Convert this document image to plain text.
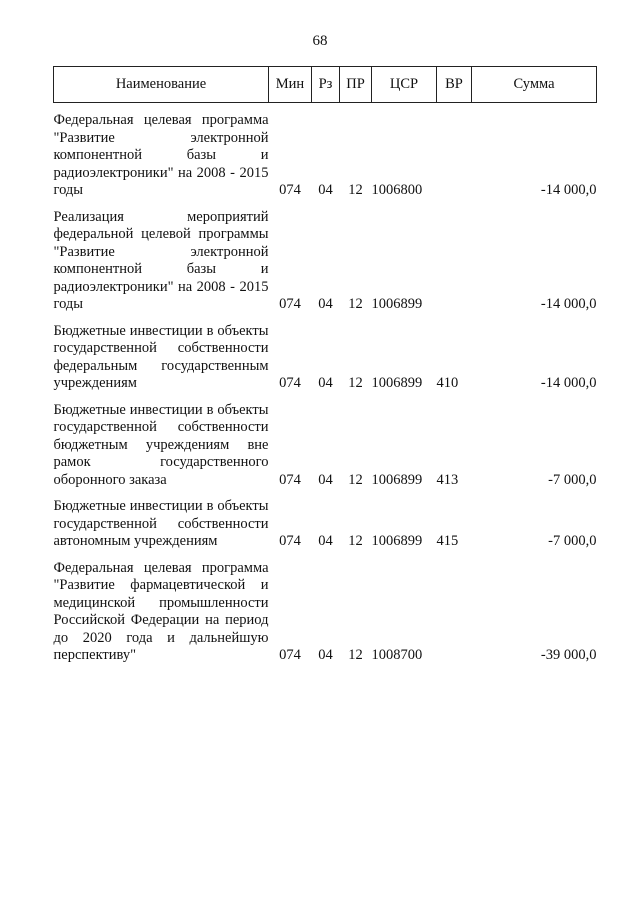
68
Наименование	Мин	Рз	ПР	ЦСР	ВР	Сумма

Федеральная целевая программа "Развитие электронной компонентной базы и радиоэлектроники" на 2008 - 2015 годы	074	04	12	1006800		-14 000,0

Реализация мероприятий федеральной целевой программы "Развитие электронной компонентной базы и радиоэлектроники" на 2008 - 2015 годы	074	04	12	1006899		-14 000,0

Бюджетные инвестиции в объекты государственной собственности федеральным государственным учреждениям	074	04	12	1006899	410	-14 000,0

Бюджетные инвестиции в объекты государственной собственности бюджетным учреждениям вне рамок государственного оборонного заказа	074	04	12	1006899	413	-7 000,0

Бюджетные инвестиции в объекты государственной собственности автономным учреждениям	074	04	12	1006899	415	-7 000,0

Федеральная целевая программа "Развитие фармацевтической и медицинской промышленности Российской Федерации на период до 2020 года и дальнейшую перспективу"	074	04	12	1008700		-39 000,0
